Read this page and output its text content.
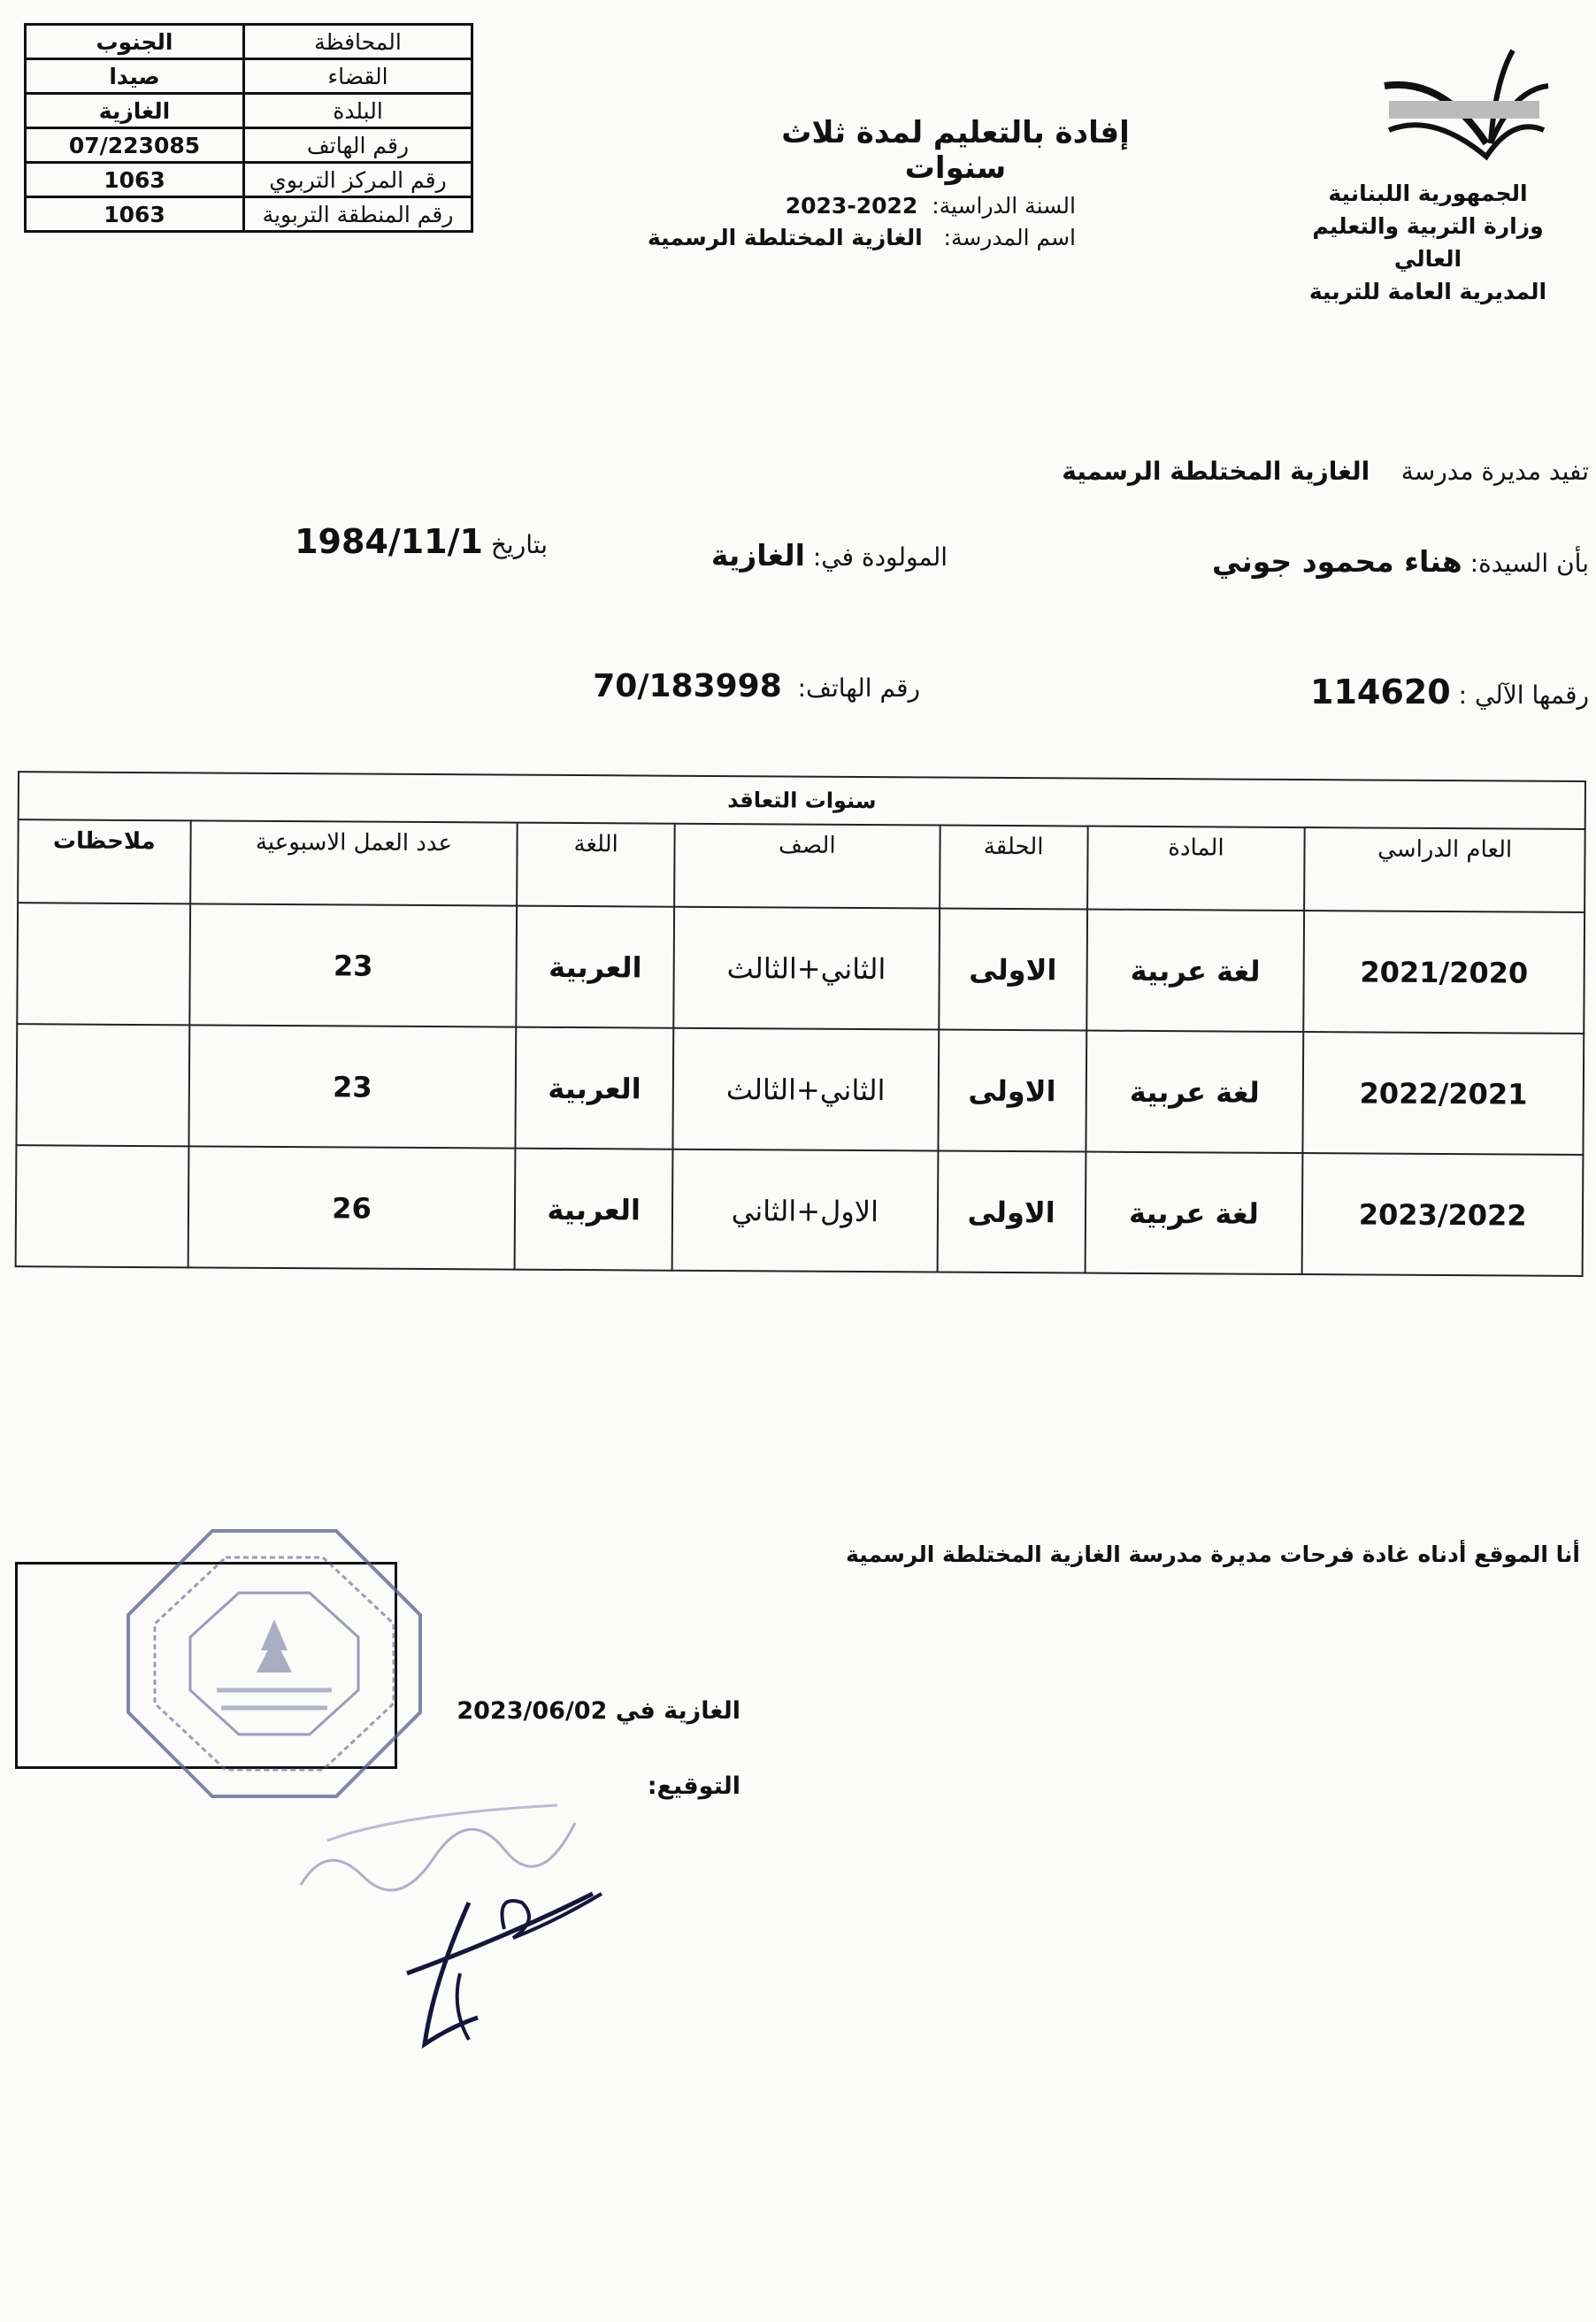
الجمهورية اللبنانية
وزارة التربية والتعليم العالي
المديرية العامة للتربية
إفادة بالتعليم لمدة ثلاث سنوات
السنة الدراسية:  2022-2023
اسم المدرسة:   الغازية المختلطة الرسمية
المحافظة	الجنوب
القضاء	صيدا
البلدة	الغازية
رقم الهاتف	07/223085
رقم المركز التربوي	1063
رقم المنطقة التربوية	1063
تفيد مديرة مدرسة    الغازية المختلطة الرسمية
بأن السيدة: هناء محمود جوني
المولودة في: الغازية
بتاريخ 1984/11/1
رقمها الآلي : 114620
رقم الهاتف:  70/183998
سنوات التعاقد						
العام الدراسي	المادة	الحلقة	الصف	اللغة	عدد العمل الاسبوعية	ملاحظات
2021/2020	لغة عربية	الاولى	الثاني+الثالث	العربية	23	
2022/2021	لغة عربية	الاولى	الثاني+الثالث	العربية	23	
2023/2022	لغة عربية	الاولى	الاول+الثاني	العربية	26	
أنا الموقع أدناه غادة فرحات مديرة مدرسة الغازية المختلطة الرسمية
الغازية في 2023/06/02
التوقيع:
